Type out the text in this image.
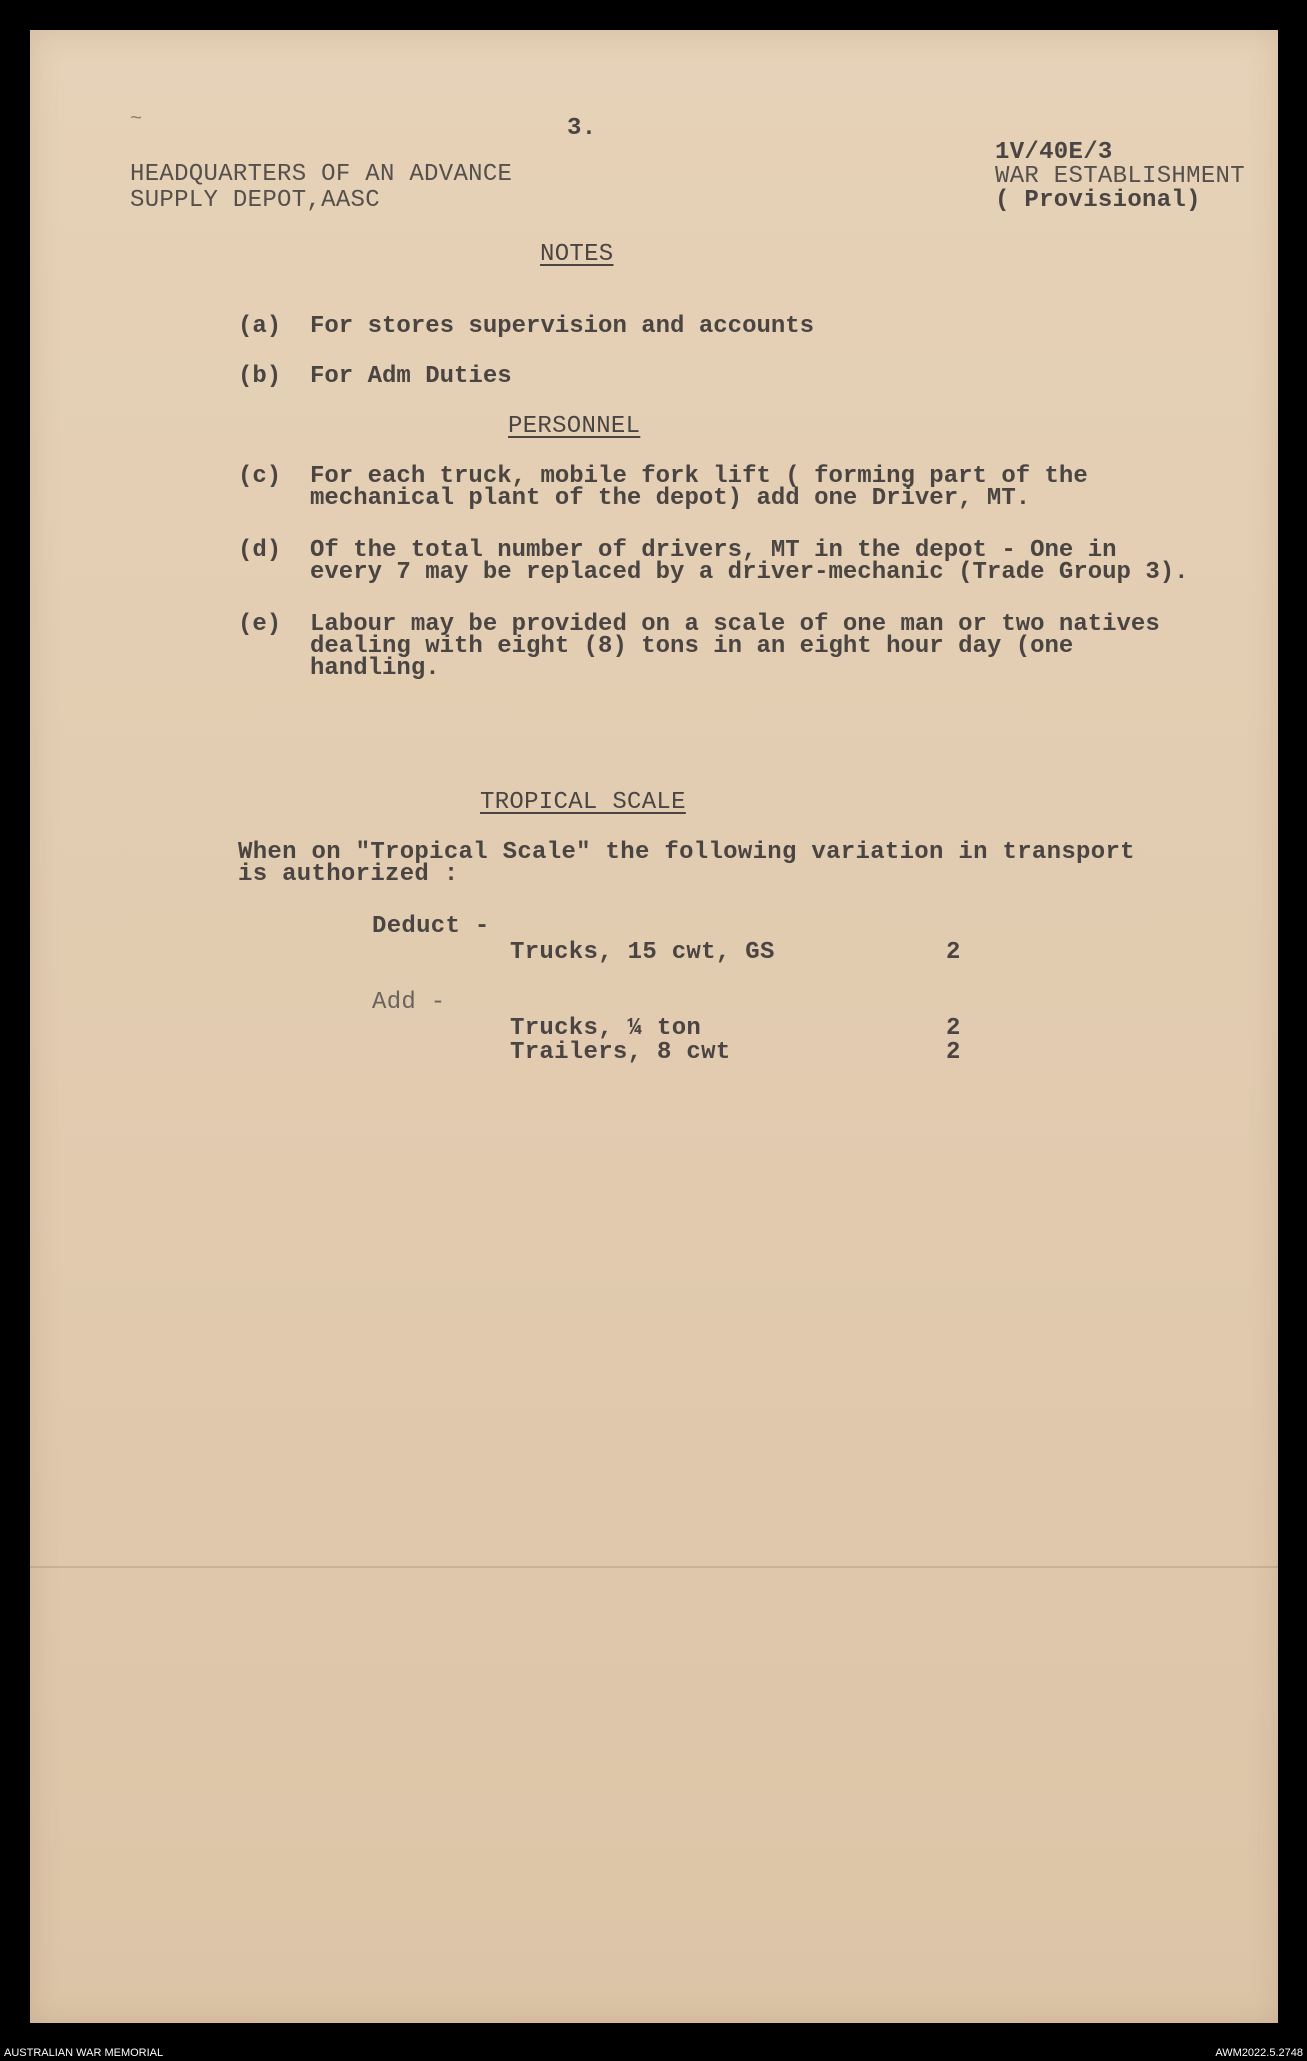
~	3.
HEADQUARTERS OF AN ADVANCE
SUPPLY DEPOT,AASC
1V/40E/3
WAR ESTABLISHMENT
( Provisional)
NOTES
(a) For stores supervision and accounts
(b) For Adm Duties
PERSONNEL
(c) For each truck, mobile fork lift ( forming part of the
mechanical plant of the depot) add one Driver, MT.
(d) Of the total number of drivers, MT in the depot - One in
every 7 may be replaced by a driver-mechanic (Trade Group 3).
(e) Labour may be provided on a scale of one man or two natives
dealing with eight (8) tons in an eight hour day (one
handling.
TROPICAL SCALE
When on "Tropical Scale" the following variation in transport
is authorized :
Deduct -
Trucks, 15 cwt, GS	2
Add -
Trucks, ¼ ton	2
Trailers, 8 cwt	2
AUSTRALIAN WAR MEMORIAL	AWM2022.5.2748
